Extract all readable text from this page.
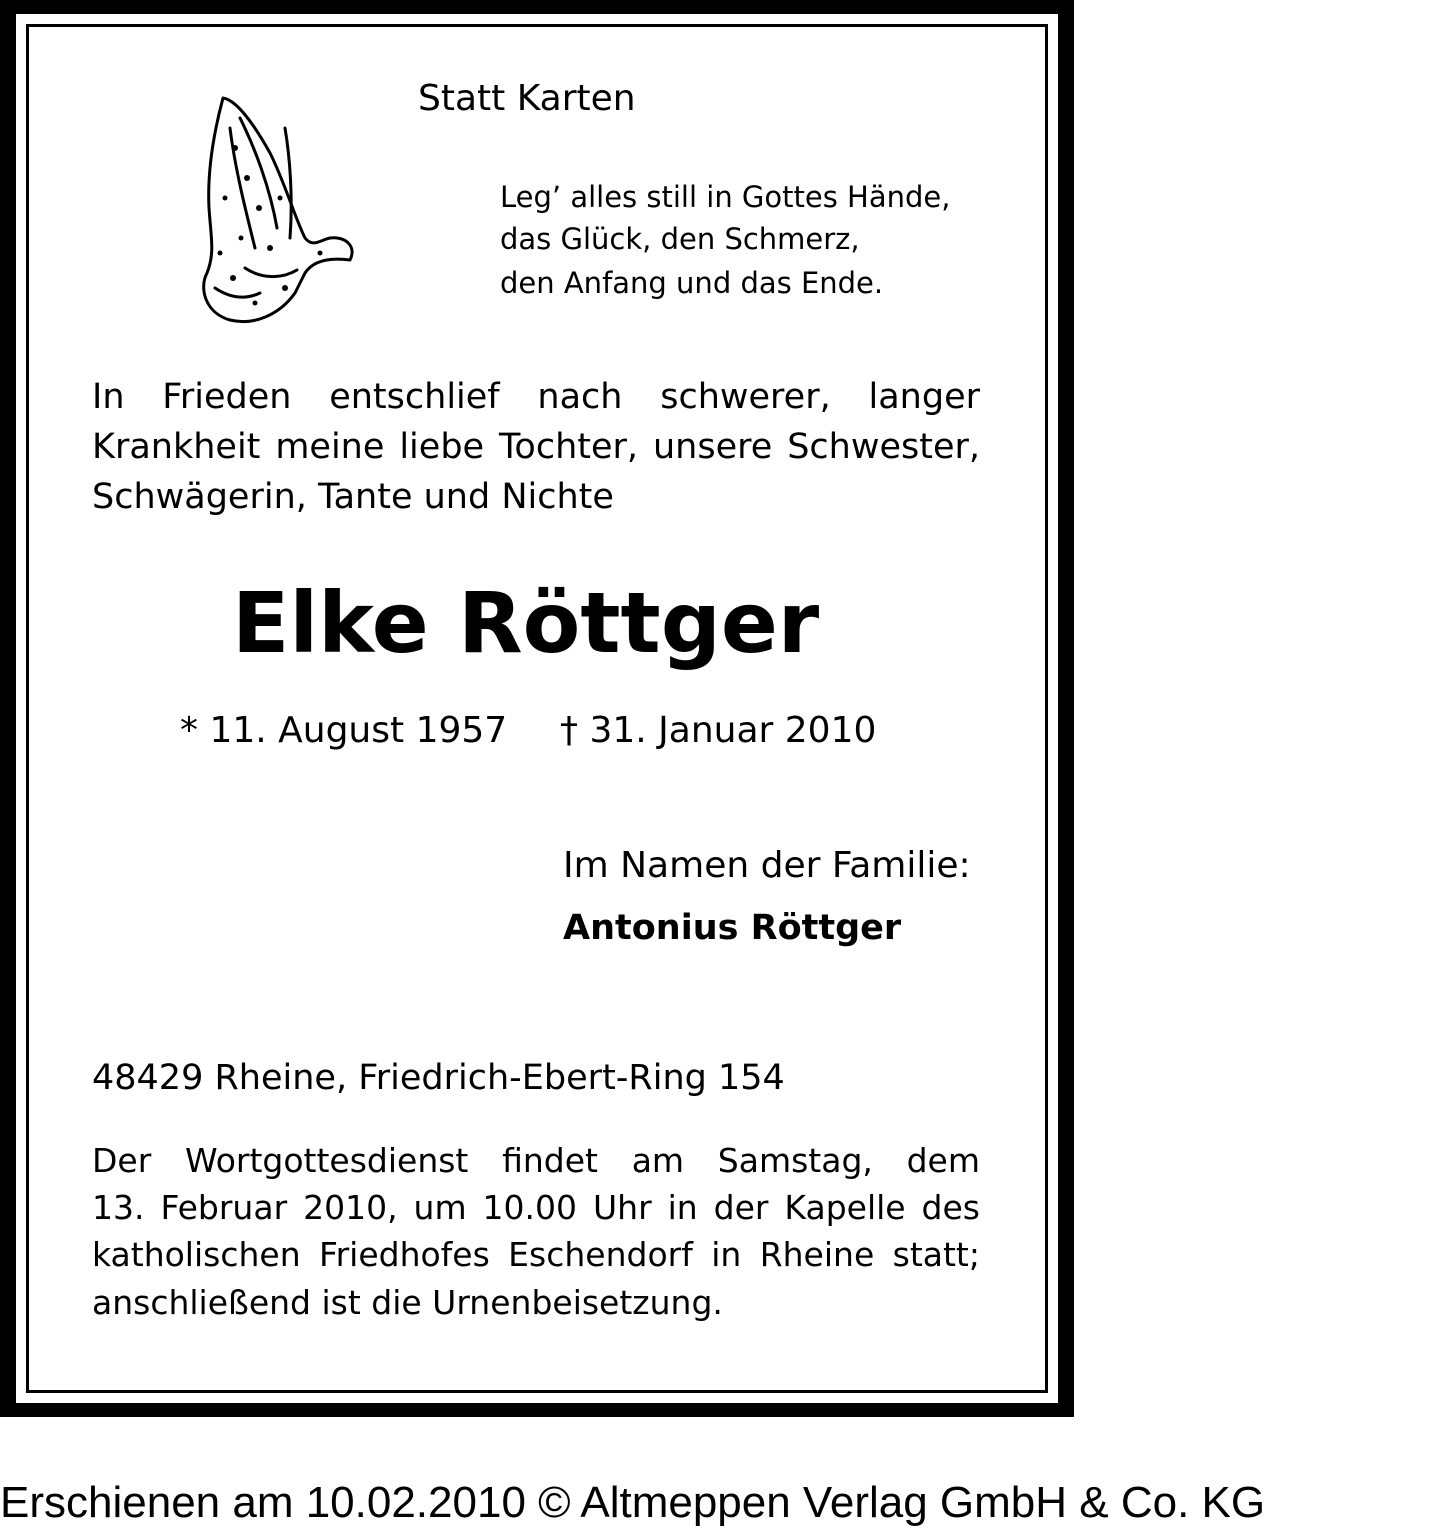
Statt Karten
Leg’ alles still in Gottes Hände,
das Glück, den Schmerz,
den Anfang und das Ende.
In Frieden entschlief nach schwerer, langer
Krankheit meine liebe Tochter, unsere Schwester,
Schwägerin, Tante und Nichte
Elke Röttger
* 11. August 1957 † 31. Januar 2010
Im Namen der Familie:
Antonius Röttger
48429 Rheine, Friedrich-Ebert-Ring 154
Der Wortgottesdienst findet am Samstag, dem
13. Februar 2010, um 10.00 Uhr in der Kapelle des
katholischen Friedhofes Eschendorf in Rheine statt;
anschließend ist die Urnenbeisetzung.
Erschienen am 10.02.2010 © Altmeppen Verlag GmbH & Co. KG
